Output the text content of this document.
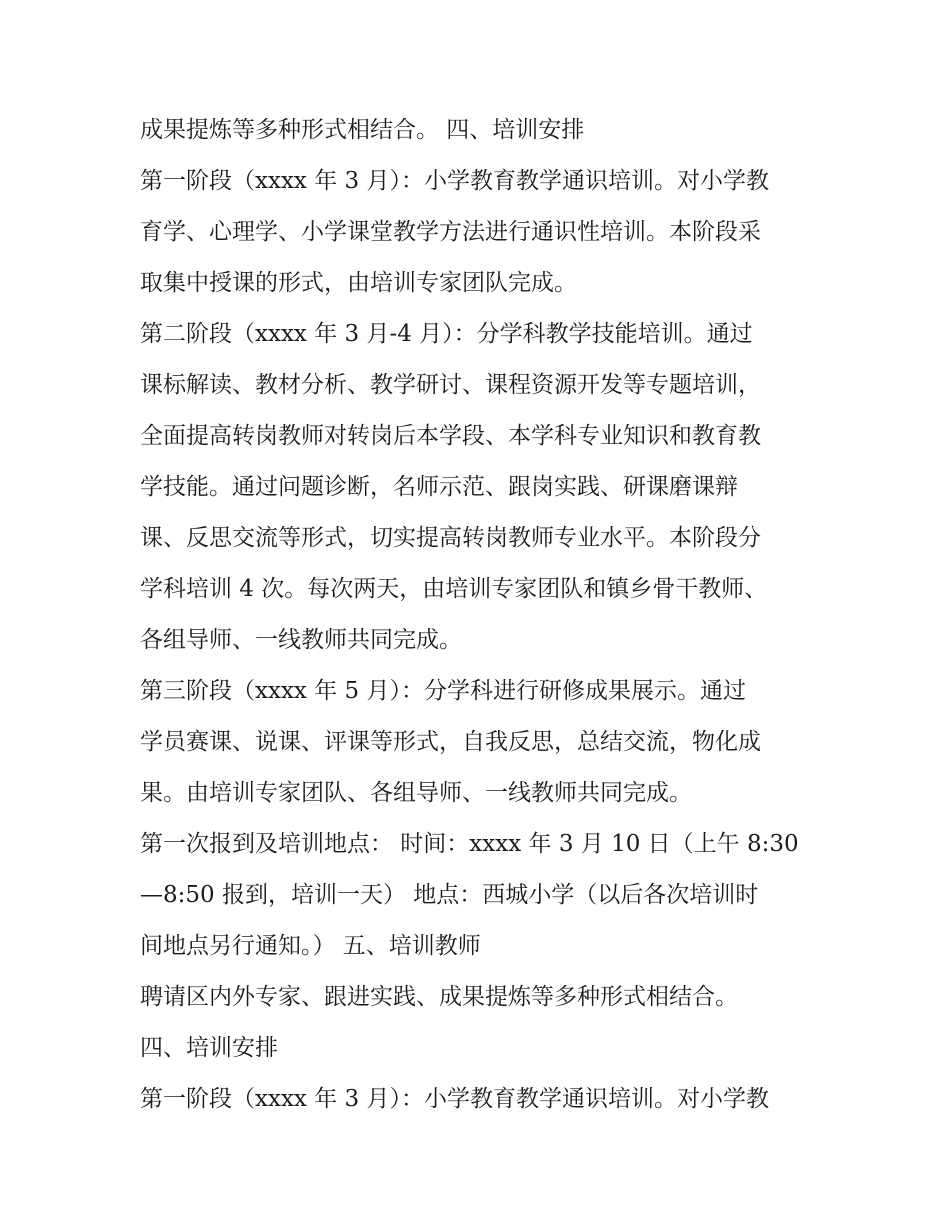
成果提炼等多种形式相结合。 四、培训安排
第一阶段（xxxx 年 3 月）：小学教育教学通识培训。对小学教
育学、心理学、小学课堂教学方法进行通识性培训。本阶段采
取集中授课的形式，由培训专家团队完成。
第二阶段（xxxx 年 3 月-4 月）：分学科教学技能培训。通过
课标解读、教材分析、教学研讨、课程资源开发等专题培训，
全面提高转岗教师对转岗后本学段、本学科专业知识和教育教
学技能。通过问题诊断，名师示范、跟岗实践、研课磨课辩
课、反思交流等形式，切实提高转岗教师专业水平。本阶段分
学科培训 4 次。每次两天，由培训专家团队和镇乡骨干教师、
各组导师、一线教师共同完成。
第三阶段（xxxx 年 5 月）：分学科进行研修成果展示。通过
学员赛课、说课、评课等形式，自我反思，总结交流，物化成
果。由培训专家团队、各组导师、一线教师共同完成。
第一次报到及培训地点： 时间：xxxx 年 3 月 10 日（上午 8:30
—8:50 报到，培训一天） 地点：西城小学（以后各次培训时
间地点另行通知。） 五、培训教师
聘请区内外专家、跟进实践、成果提炼等多种形式相结合。
四、培训安排
第一阶段（xxxx 年 3 月）：小学教育教学通识培训。对小学教
